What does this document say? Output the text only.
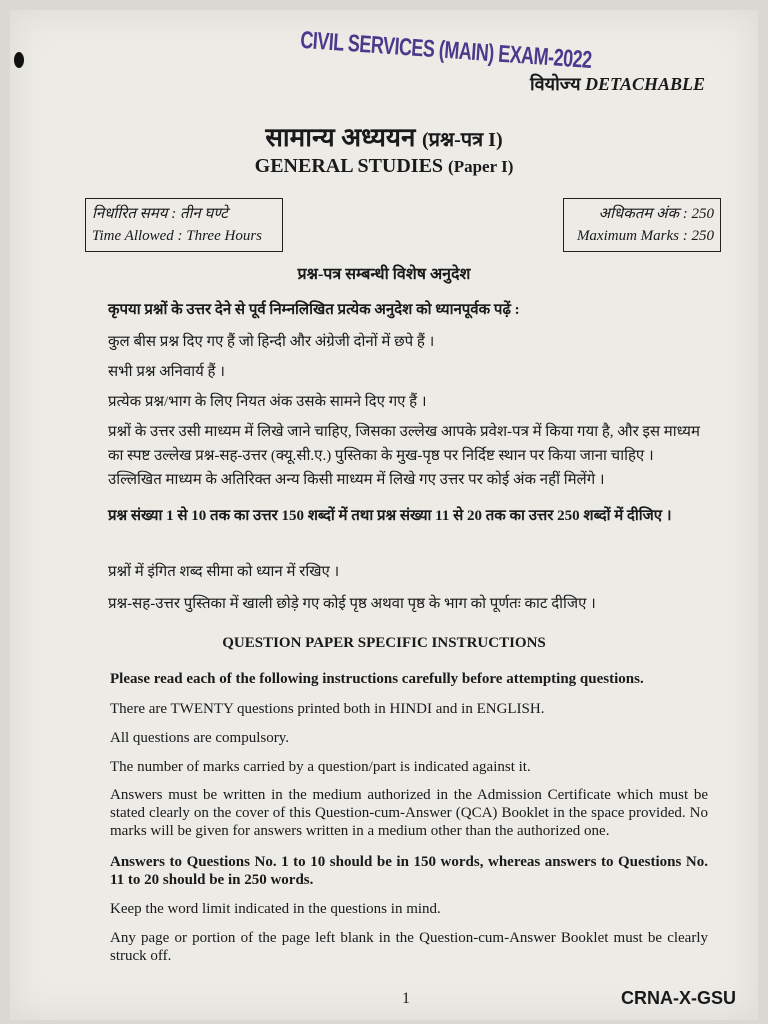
CIVIL SERVICES (MAIN) EXAM-2022
वियोज्य DETACHABLE
सामान्य अध्ययन (प्रश्न-पत्र I)
GENERAL STUDIES (Paper I)
निर्धारित समय : तीन घण्टे
Time Allowed : Three Hours
अधिकतम अंक : 250
Maximum Marks : 250
प्रश्न-पत्र सम्बन्धी विशेष अनुदेश
कृपया प्रश्नों के उत्तर देने से पूर्व निम्नलिखित प्रत्येक अनुदेश को ध्यानपूर्वक पढ़ें :
कुल बीस प्रश्न दिए गए हैं जो हिन्दी और अंग्रेजी दोनों में छपे हैं ।
सभी प्रश्न अनिवार्य हैं ।
प्रत्येक प्रश्न/भाग के लिए नियत अंक उसके सामने दिए गए हैं ।
प्रश्नों के उत्तर उसी माध्यम में लिखे जाने चाहिए, जिसका उल्लेख आपके प्रवेश-पत्र में किया गया है, और इस माध्यम का स्पष्ट उल्लेख प्रश्न-सह-उत्तर (क्यू.सी.ए.) पुस्तिका के मुख-पृष्ठ पर निर्दिष्ट स्थान पर किया जाना चाहिए । उल्लिखित माध्यम के अतिरिक्त अन्य किसी माध्यम में लिखे गए उत्तर पर कोई अंक नहीं मिलेंगे ।
प्रश्न संख्या 1 से 10 तक का उत्तर 150 शब्दों में तथा प्रश्न संख्या 11 से 20 तक का उत्तर 250 शब्दों में दीजिए ।
प्रश्नों में इंगित शब्द सीमा को ध्यान में रखिए ।
प्रश्न-सह-उत्तर पुस्तिका में खाली छोड़े गए कोई पृष्ठ अथवा पृष्ठ के भाग को पूर्णतः काट दीजिए ।
QUESTION PAPER SPECIFIC INSTRUCTIONS
Please read each of the following instructions carefully before attempting questions.
There are TWENTY questions printed both in HINDI and in ENGLISH.
All questions are compulsory.
The number of marks carried by a question/part is indicated against it.
Answers must be written in the medium authorized in the Admission Certificate which must be stated clearly on the cover of this Question-cum-Answer (QCA) Booklet in the space provided. No marks will be given for answers written in a medium other than the authorized one.
Answers to Questions No. 1 to 10 should be in 150 words, whereas answers to Questions No. 11 to 20 should be in 250 words.
Keep the word limit indicated in the questions in mind.
Any page or portion of the page left blank in the Question-cum-Answer Booklet must be clearly struck off.
1	CRNA-X-GSU
